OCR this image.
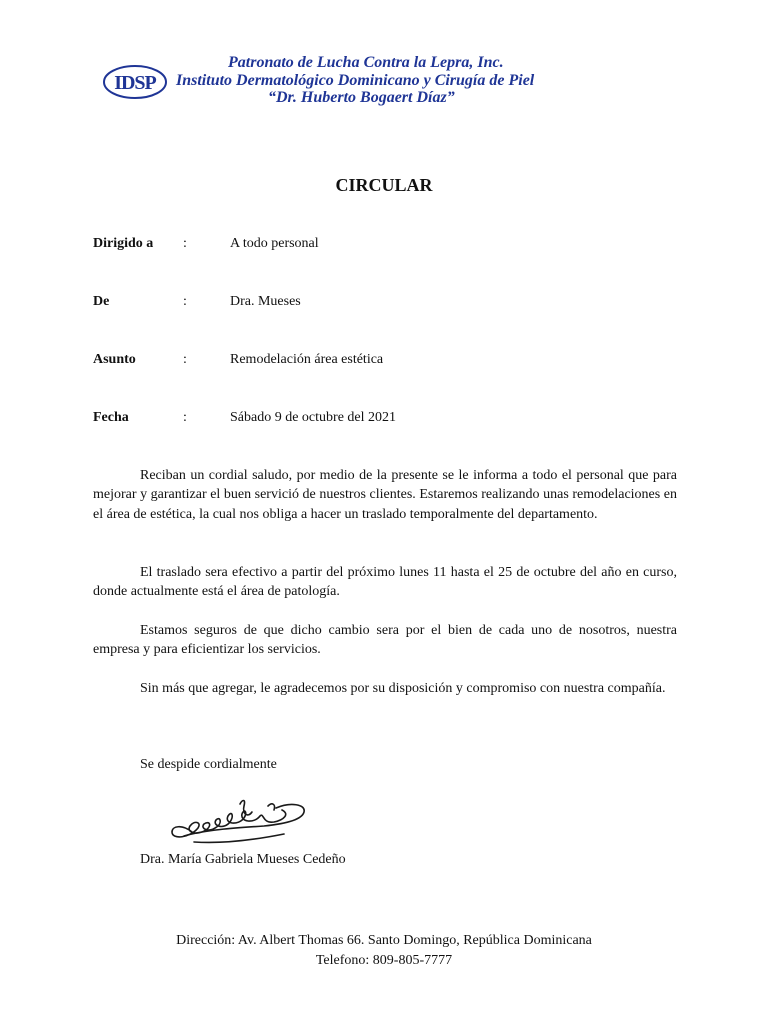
IDSP
Patronato de Lucha Contra la Lepra, Inc.
Instituto Dermatológico Dominicano y Cirugía de Piel
“Dr. Huberto Bogaert Díaz”
CIRCULAR
Dirigido a :	A todo personal
De	:	Dra. Mueses
Asunto	:	Remodelación área estética
Fecha	:	Sábado 9 de octubre del 2021

Reciban un cordial saludo, por medio de la presente se le informa a todo el personal que para mejorar y garantizar el buen servició de nuestros clientes. Estaremos realizando unas remodelaciones en el área de estética, la cual nos obliga a hacer un traslado temporalmente del departamento.

El traslado sera efectivo a partir del próximo lunes 11 hasta el 25 de octubre del año en curso, donde actualmente está el área de patología.

Estamos seguros de que dicho cambio sera por el bien de cada uno de nosotros, nuestra empresa y para eficientizar los servicios.

Sin más que agregar, le agradecemos por su disposición y compromiso con nuestra compañía.

Se despide cordialmente
Dra. María Gabriela Mueses Cedeño
Dirección: Av. Albert Thomas 66. Santo Domingo, República Dominicana
Telefono: 809-805-7777
